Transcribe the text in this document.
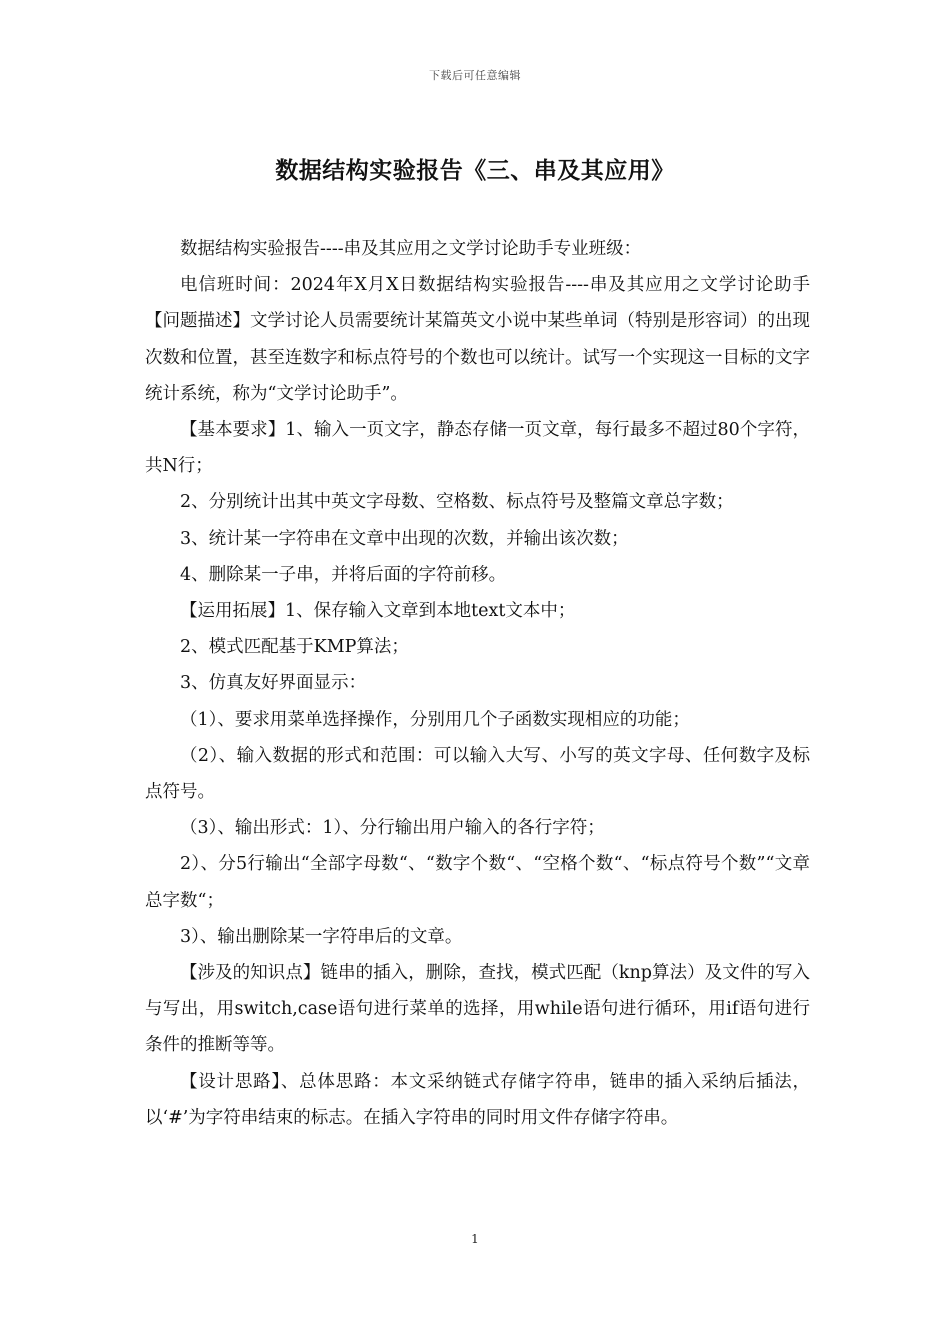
下载后可任意编辑
数据结构实验报告《三、串及其应用》

数据结构实验报告----串及其应用之文学讨论助手专业班级：

电信班时间：2024年X月X日数据结构实验报告----串及其应用之文学讨论助手【问题描述】文学讨论人员需要统计某篇英文小说中某些单词（特别是形容词）的出现次数和位置，甚至连数字和标点符号的个数也可以统计。试写一个实现这一目标的文字统计系统，称为“文学讨论助手”。

【基本要求】1、输入一页文字，静态存储一页文章，每行最多不超过80个字符，共N行；

2、分别统计出其中英文字母数、空格数、标点符号及整篇文章总字数；

3、统计某一字符串在文章中出现的次数，并输出该次数；

4、删除某一子串，并将后面的字符前移。

【运用拓展】1、保存输入文章到本地text文本中；

2、模式匹配基于KMP算法；

3、仿真友好界面显示：

（1）、要求用菜单选择操作，分别用几个子函数实现相应的功能；

（2）、输入数据的形式和范围：可以输入大写、小写的英文字母、任何数字及标点符号。

（3）、输出形式：1）、分行输出用户输入的各行字符；

2）、分5行输出“全部字母数“、“数字个数“、“空格个数“、“标点符号个数”“文章总字数“；

3）、输出删除某一字符串后的文章。

【涉及的知识点】链串的插入，删除，查找，模式匹配（knp算法）及文件的写入与写出，用switch,case语句进行菜单的选择，用while语句进行循环，用if语句进行条件的推断等等。

【设计思路】、总体思路：本文采纳链式存储字符串，链串的插入采纳后插法，以‘#’为字符串结束的标志。在插入字符串的同时用文件存储字符串。

1
